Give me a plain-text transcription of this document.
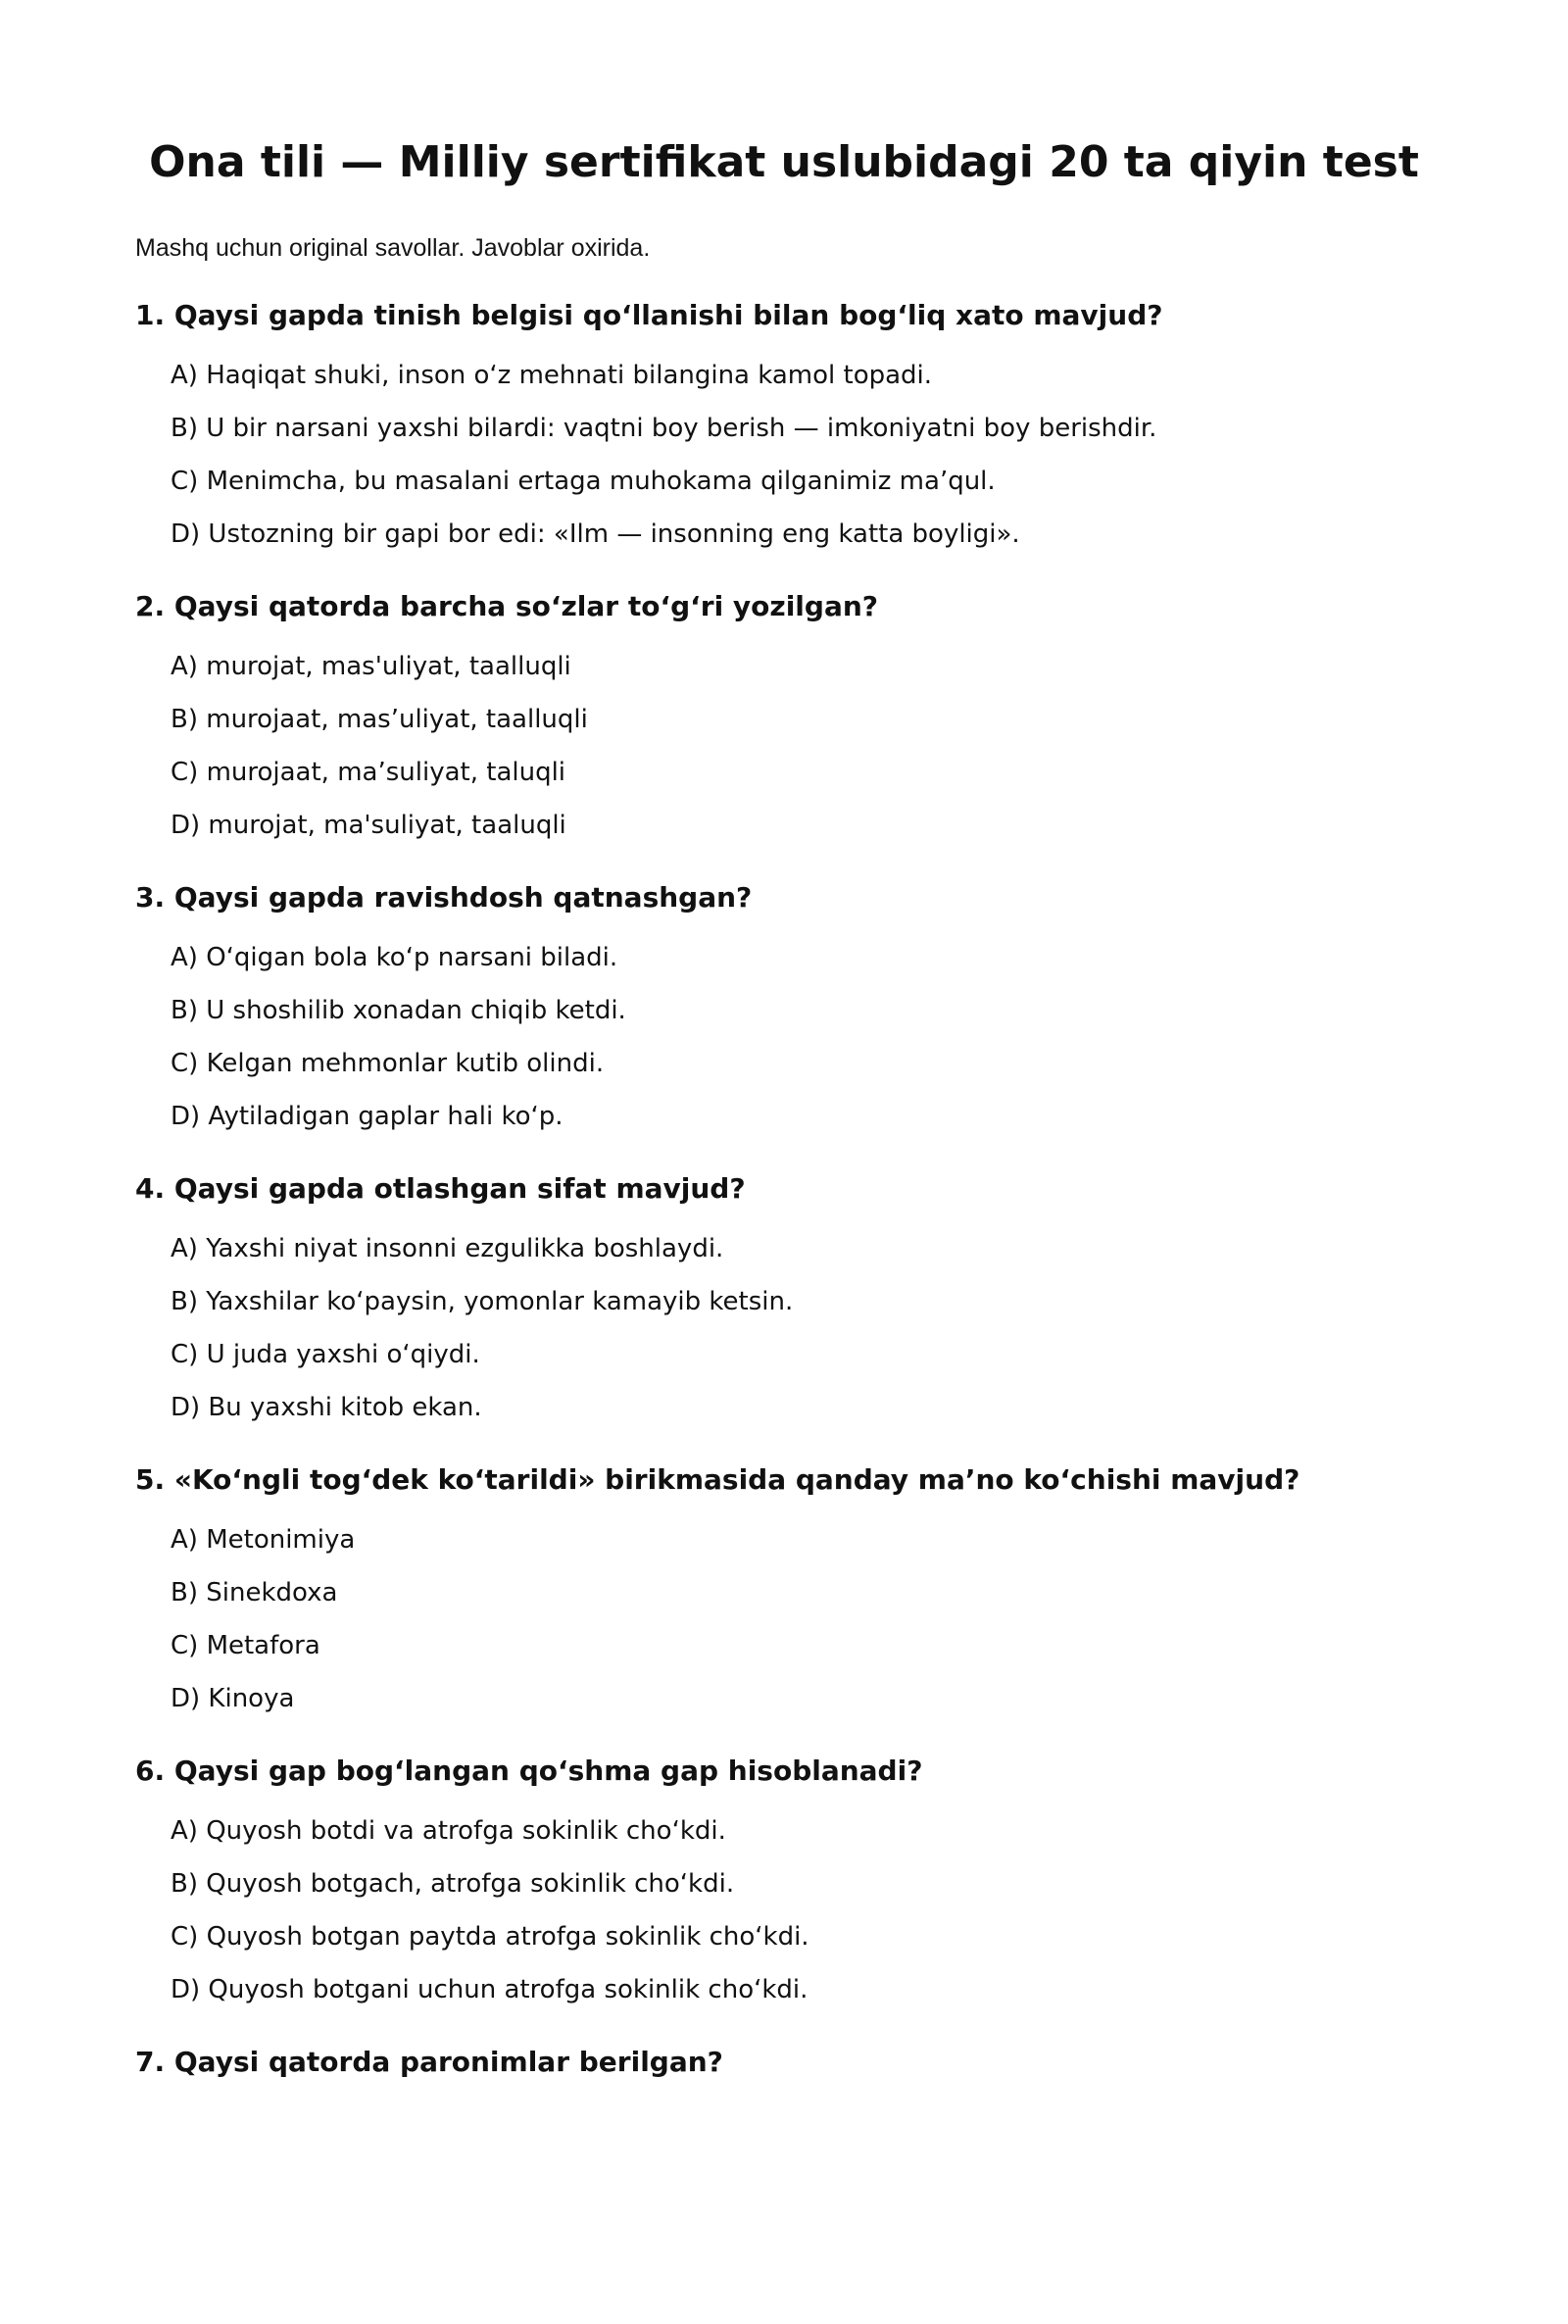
Ona tili — Milliy sertifikat uslubidagi 20 ta qiyin test

Mashq uchun original savollar. Javoblar oxirida.

1. Qaysi gapda tinish belgisi qo‘llanishi bilan bog‘liq xato mavjud?
A) Haqiqat shuki, inson o‘z mehnati bilangina kamol topadi.
B) U bir narsani yaxshi bilardi: vaqtni boy berish — imkoniyatni boy berishdir.
C) Menimcha, bu masalani ertaga muhokama qilganimiz ma’qul.
D) Ustozning bir gapi bor edi: «Ilm — insonning eng katta boyligi».
2. Qaysi qatorda barcha so‘zlar to‘g‘ri yozilgan?
A) murojat, mas'uliyat, taalluqli
B) murojaat, mas’uliyat, taalluqli
C) murojaat, ma’suliyat, taluqli
D) murojat, ma'suliyat, taaluqli
3. Qaysi gapda ravishdosh qatnashgan?
A) O‘qigan bola ko‘p narsani biladi.
B) U shoshilib xonadan chiqib ketdi.
C) Kelgan mehmonlar kutib olindi.
D) Aytiladigan gaplar hali ko‘p.
4. Qaysi gapda otlashgan sifat mavjud?
A) Yaxshi niyat insonni ezgulikka boshlaydi.
B) Yaxshilar ko‘paysin, yomonlar kamayib ketsin.
C) U juda yaxshi o‘qiydi.
D) Bu yaxshi kitob ekan.
5. «Ko‘ngli tog‘dek ko‘tarildi» birikmasida qanday ma’no ko‘chishi mavjud?
A) Metonimiya
B) Sinekdoxa
C) Metafora
D) Kinoya
6. Qaysi gap bog‘langan qo‘shma gap hisoblanadi?
A) Quyosh botdi va atrofga sokinlik cho‘kdi.
B) Quyosh botgach, atrofga sokinlik cho‘kdi.
C) Quyosh botgan paytda atrofga sokinlik cho‘kdi.
D) Quyosh botgani uchun atrofga sokinlik cho‘kdi.
7. Qaysi qatorda paronimlar berilgan?
